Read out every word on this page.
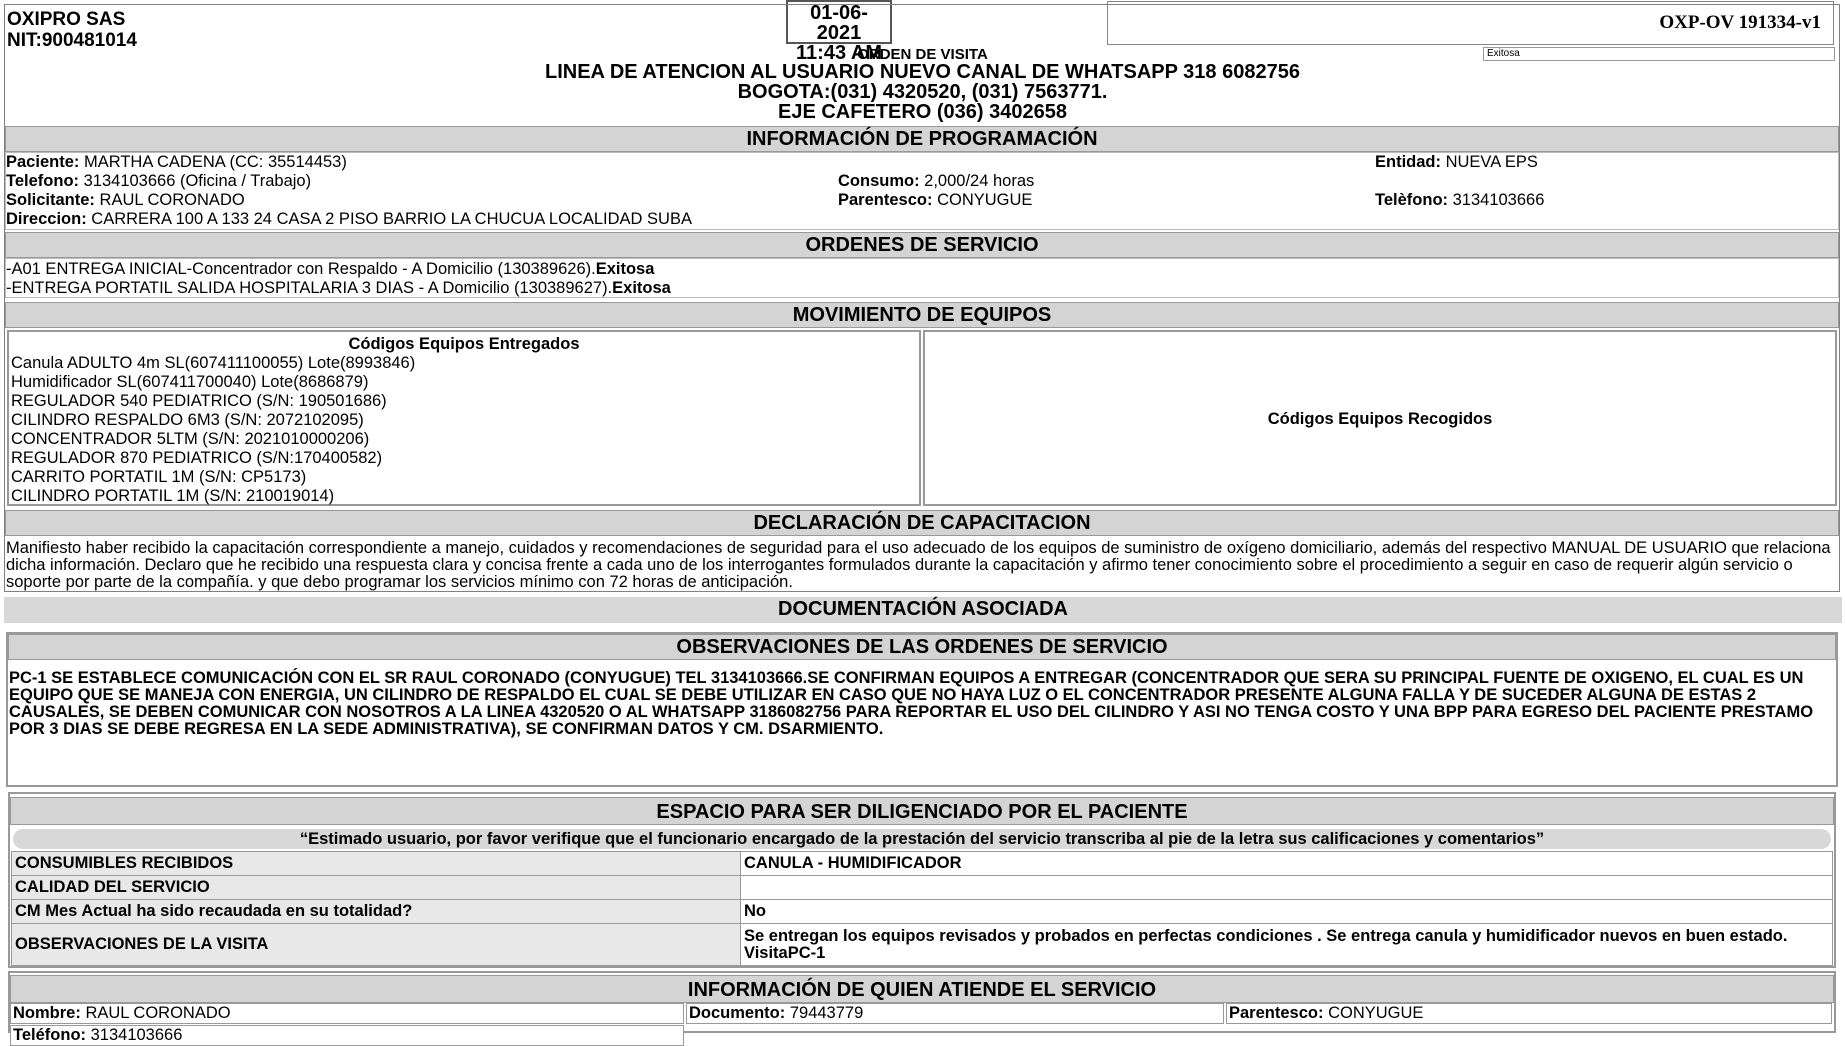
OXIPRO SAS
NIT:900481014
01-06-2021
11:43 AM
OXP-OV 191334-v1
Exitosa
ORDEN DE VISITA
LINEA DE ATENCION AL USUARIO NUEVO CANAL DE WHATSAPP 318 6082756
BOGOTA:(031) 4320520, (031) 7563771.
EJE CAFETERO (036) 3402658
INFORMACIÓN DE PROGRAMACIÓN
Paciente: MARTHA CADENA (CC: 35514453)
Telefono: 3134103666 (Oficina / Trabajo)
Solicitante: RAUL CORONADO
Direccion: CARRERA 100 A 133 24 CASA 2 PISO BARRIO LA CHUCUA LOCALIDAD SUBA
Consumo: 2,000/24 horas
Parentesco: CONYUGUE
Entidad: NUEVA EPS
Telèfono: 3134103666
ORDENES DE SERVICIO
-A01 ENTREGA INICIAL-Concentrador con Respaldo - A Domicilio (130389626).Exitosa
-ENTREGA PORTATIL SALIDA HOSPITALARIA 3 DIAS - A Domicilio (130389627).Exitosa
MOVIMIENTO DE EQUIPOS
Códigos Equipos Entregados
Canula ADULTO 4m SL(607411100055) Lote(8993846)
Humidificador SL(607411700040) Lote(8686879)
REGULADOR 540 PEDIATRICO (S/N: 190501686)
CILINDRO RESPALDO 6M3 (S/N: 2072102095)
CONCENTRADOR 5LTM (S/N: 2021010000206)
REGULADOR 870 PEDIATRICO (S/N:170400582)
CARRITO PORTATIL 1M (S/N: CP5173)
CILINDRO PORTATIL 1M (S/N: 210019014)
Códigos Equipos Recogidos
DECLARACIÓN DE CAPACITACION
Manifiesto haber recibido la capacitación correspondiente a manejo, cuidados y recomendaciones de seguridad para el uso adecuado de los equipos de suministro de oxígeno domiciliario, además del respectivo MANUAL DE USUARIO que relaciona dicha información. Declaro que he recibido una respuesta clara y concisa frente a cada uno de los interrogantes formulados durante la capacitación y afirmo tener conocimiento sobre el procedimiento a seguir en caso de requerir algún servicio o soporte por parte de la compañía. y que debo programar los servicios mínimo con 72 horas de anticipación.
DOCUMENTACIÓN ASOCIADA
OBSERVACIONES DE LAS ORDENES DE SERVICIO
PC-1 SE ESTABLECE COMUNICACIÓN CON EL SR RAUL CORONADO (CONYUGUE) TEL 3134103666.SE CONFIRMAN EQUIPOS A ENTREGAR (CONCENTRADOR QUE SERA SU PRINCIPAL FUENTE DE OXIGENO, EL CUAL ES UN EQUIPO QUE SE MANEJA CON ENERGIA, UN CILINDRO DE RESPALDO EL CUAL SE DEBE UTILIZAR EN CASO QUE NO HAYA LUZ O EL CONCENTRADOR PRESENTE ALGUNA FALLA Y DE SUCEDER ALGUNA DE ESTAS 2 CAUSALES, SE DEBEN COMUNICAR CON NOSOTROS A LA LINEA 4320520 O AL WHATSAPP 3186082756 PARA REPORTAR EL USO DEL CILINDRO Y ASI NO TENGA COSTO Y UNA BPP PARA EGRESO DEL PACIENTE PRESTAMO POR 3 DIAS SE DEBE REGRESA EN LA SEDE ADMINISTRATIVA), SE CONFIRMAN DATOS Y CM. DSARMIENTO.
ESPACIO PARA SER DILIGENCIADO POR EL PACIENTE
“Estimado usuario, por favor verifique que el funcionario encargado de la prestación del servicio transcriba al pie de la letra sus calificaciones y comentarios”
CONSUMIBLES RECIBIDOS	CANULA - HUMIDIFICADOR
CALIDAD DEL SERVICIO	
CM Mes Actual ha sido recaudada en su totalidad?	No
OBSERVACIONES DE LA VISITA	Se entregan los equipos revisados y probados en perfectas condiciones . Se entrega canula y humidificador nuevos en buen estado. VisitaPC-1
INFORMACIÓN DE QUIEN ATIENDE EL SERVICIO
Nombre: RAUL CORONADO	Documento: 79443779	Parentesco: CONYUGUE
Teléfono: 3134103666
